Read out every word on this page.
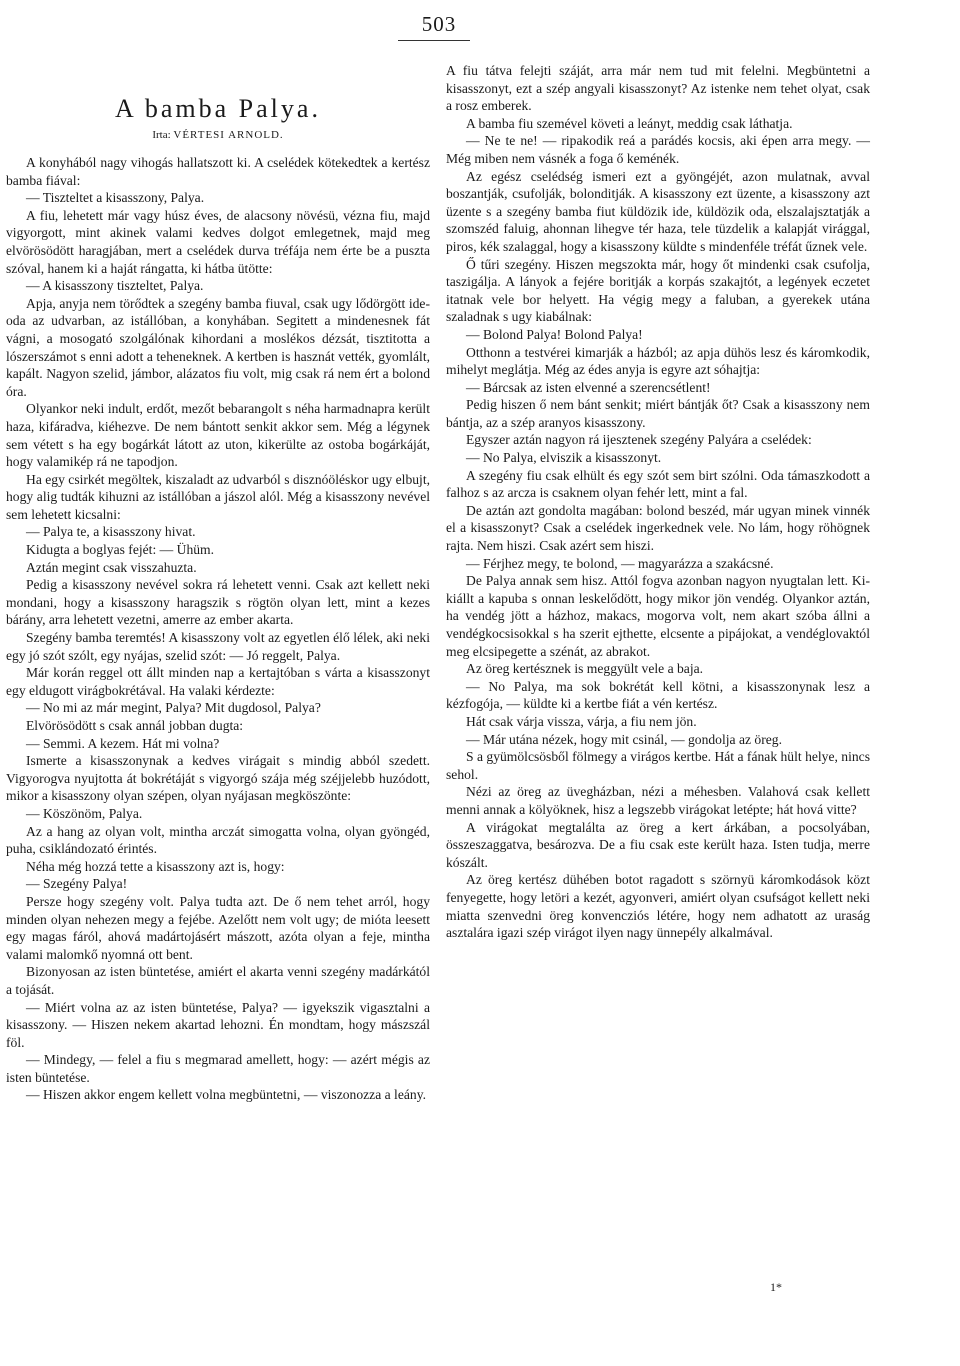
503
A bamba Palya.
Irta: VÉRTESI ARNOLD.

A konyhából nagy vihogás hallatszott ki. A cselédek kötekedtek a kertész bamba fiával:

— Tiszteltet a kisasszony, Palya.

A fiu, lehetett már vagy húsz éves, de alacsony növésü, vézna fiu, majd vigyorgott, mint akinek valami kedves dolgot emlegetnek, majd meg elvörösödött haragjában, mert a cselédek durva tréfája nem érte be a puszta szóval, hanem ki a haját rángatta, ki hátba ütötte:

— A kisasszony tiszteltet, Palya.

Apja, anyja nem törődtek a szegény bamba fiuval, csak ugy lődörgött ide-oda az udvarban, az istállóban, a konyhában. Segitett a mindenesnek fát vágni, a mosogató szolgálónak kihordani a moslékos dézsát, tisztitotta a lószerszámot s enni adott a teheneknek. A kertben is hasznát vették, gyomlált, kapált. Nagyon szelid, jámbor, alázatos fiu volt, mig csak rá nem ért a bolond óra.

Olyankor neki indult, erdőt, mezőt bebarangolt s néha harmadnapra került haza, kifáradva, kiéhezve. De nem bántott senkit akkor sem. Még a légynek sem vétett s ha egy bogárkát látott az uton, kikerülte az ostoba bogárkáját, hogy valamikép rá ne tapodjon.

Ha egy csirkét megöltek, kiszaladt az udvarból s disznóöléskor ugy elbujt, hogy alig tudták kihuzni az istállóban a jászol alól. Még a kisasszony nevével sem lehetett kicsalni:

— Palya te, a kisasszony hivat.

Kidugta a boglyas fejét: — Ühüm.

Aztán megint csak visszahuzta.

Pedig a kisasszony nevével sokra rá lehetett venni. Csak azt kellett neki mondani, hogy a kisasszony haragszik s rögtön olyan lett, mint a kezes bárány, arra lehetett vezetni, amerre az ember akarta.

Szegény bamba teremtés! A kisasszony volt az egyetlen élő lélek, aki neki egy jó szót szólt, egy nyájas, szelid szót: — Jó reggelt, Palya.

Már korán reggel ott állt minden nap a kertajtóban s várta a kisasszonyt egy eldugott virágbokrétával. Ha valaki kérdezte:

— No mi az már megint, Palya? Mit dugdosol, Palya?

Elvörösödött s csak annál jobban dugta:

— Semmi. A kezem. Hát mi volna?

Ismerte a kisasszonynak a kedves virágait s mindig abból szedett. Vigyorogva nyujtotta át bokrétáját s vigyorgó szája még széjjelebb huzódott, mikor a kisasszony olyan szépen, olyan nyájasan megköszönte:

— Köszönöm, Palya.

Az a hang az olyan volt, mintha arczát simogatta volna, olyan gyöngéd, puha, csiklándozató érintés.

Néha még hozzá tette a kisasszony azt is, hogy:

— Szegény Palya!

Persze hogy szegény volt. Palya tudta azt. De ő nem tehet arról, hogy minden olyan nehezen megy a fejébe. Azelőtt nem volt ugy; de mióta leesett egy magas fáról, ahová madártojásért mászott, azóta olyan a feje, mintha valami malomkő nyomná ott bent.

Bizonyosan az isten büntetése, amiért el akarta venni szegény madárkától a tojását.

— Miért volna az az isten büntetése, Palya? — igyekszik vigasztalni a kisasszony. — Hiszen nekem akartad lehozni. Én mondtam, hogy mászszál föl.

— Mindegy, — felel a fiu s megmarad amellett, hogy: — azért mégis az isten büntetése.

— Hiszen akkor engem kellett volna megbüntetni, — viszonozza a leány.

A fiu tátva felejti száját, arra már nem tud mit felelni. Megbüntetni a kisasszonyt, ezt a szép angyali kisasszonyt? Az istenke nem tehet olyat, csak a rosz emberek.

A bamba fiu szemével követi a leányt, meddig csak láthatja.

— Ne te ne! — ripakodik reá a parádés kocsis, aki épen arra megy. — Még miben nem vásnék a foga ő keménék.

Az egész cselédség ismeri ezt a gyöngéjét, azon mulatnak, avval boszantják, csufolják, bolonditják. A kisasszony ezt üzente, a kisasszony azt üzente s a szegény bamba fiut küldözik ide, küldözik oda, elszalajsztatják a szomszéd faluig, ahonnan lihegve tér haza, tele tüzdelik a kalapját virággal, piros, kék szalaggal, hogy a kisasszony küldte s mindenféle tréfát űznek vele.

Ő tűri szegény. Hiszen megszokta már, hogy őt mindenki csak csufolja, taszigálja. A lányok a fejére boritják a korpás szakajtót, a legények eczetet itatnak vele bor helyett. Ha végig megy a faluban, a gyerekek utána szaladnak s ugy kiabálnak:

— Bolond Palya! Bolond Palya!

Otthonn a testvérei kimarják a házból; az apja dühös lesz és káromkodik, mihelyt meglátja. Még az édes anyja is egyre azt sóhajtja:

— Bárcsak az isten elvenné a szerencsétlent!

Pedig hiszen ő nem bánt senkit; miért bántják őt? Csak a kisasszony nem bántja, az a szép aranyos kisasszony.

Egyszer aztán nagyon rá ijesztenek szegény Palyára a cselédek:

— No Palya, elviszik a kisasszonyt.

A szegény fiu csak elhült és egy szót sem birt szólni. Oda támaszkodott a falhoz s az arcza is csaknem olyan fehér lett, mint a fal.

De aztán azt gondolta magában: bolond beszéd, már ugyan minek vinnék el a kisasszonyt? Csak a cselédek ingerkednek vele. No lám, hogy röhögnek rajta. Nem hiszi. Csak azért sem hiszi.

— Férjhez megy, te bolond, — magyarázza a szakácsné.

De Palya annak sem hisz. Attól fogva azonban nagyon nyugtalan lett. Ki-kiállt a kapuba s onnan leskelődött, hogy mikor jön vendég. Olyankor aztán, ha vendég jött a házhoz, makacs, mogorva volt, nem akart szóba állni a vendégkocsisokkal s ha szerit ejthette, elcsente a pipájokat, a vendéglovaktól meg elcsipegette a szénát, az abrakot.

Az öreg kertésznek is meggyült vele a baja.

— No Palya, ma sok bokrétát kell kötni, a kisasszonynak lesz a kézfogója, — küldte ki a kertbe fiát a vén kertész.

Hát csak várja vissza, várja, a fiu nem jön.

— Már utána nézek, hogy mit csinál, — gondolja az öreg.

S a gyümölcsösből fölmegy a virágos kertbe. Hát a fának hült helye, nincs sehol.

Nézi az öreg az üvegházban, nézi a méhesben. Valahová csak kellett menni annak a kölyöknek, hisz a legszebb virágokat letépte; hát hová vitte?

A virágokat megtalálta az öreg a kert árkában, a pocsolyában, összeszaggatva, besározva. De a fiu csak este került haza. Isten tudja, merre kószált.

Az öreg kertész dühében botot ragadott s szörnyü káromkodások közt fenyegette, hogy letöri a kezét, agyonveri, amiért olyan csufságot kellett neki miatta szenvedni öreg konvencziós létére, hogy nem adhatott az uraság asztalára igazi szép virágot ilyen nagy ünnepély alkalmával.

1*
